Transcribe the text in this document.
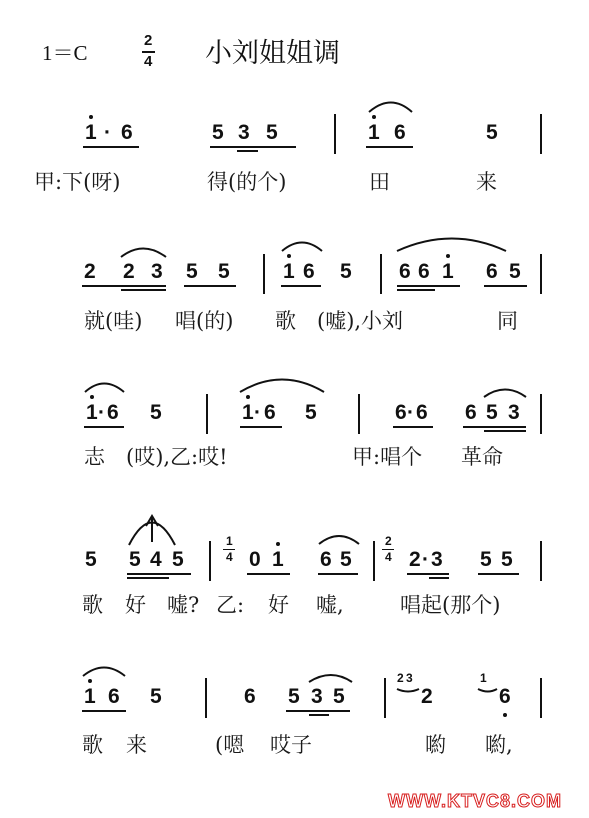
1＝C
2
4 小刘姐姐调
1 · 6	5 3 5	1 6	5
甲:下(呀)	得(的个)	田	来
2 2 3 5 5	1 6 5 6 6 1 6 5
就(哇) 唱(的) 歌 (嘘),小刘	同
1 · 6 5	1 · 6 5	6 · 6 6 5 3
志 (哎),乙:哎!	甲:唱个 革命
5 5 4 5	0 1 6 5	2 · 3 5 5
1
4
2
4
歌 好 嘘? 乙: 好 嘘,	唱起(那个)
1 6 5	6 5 3 5	2	6
2 3	1
歌 来	(嗯 哎子	喲 喲,
WWW.KTVC8.COM
